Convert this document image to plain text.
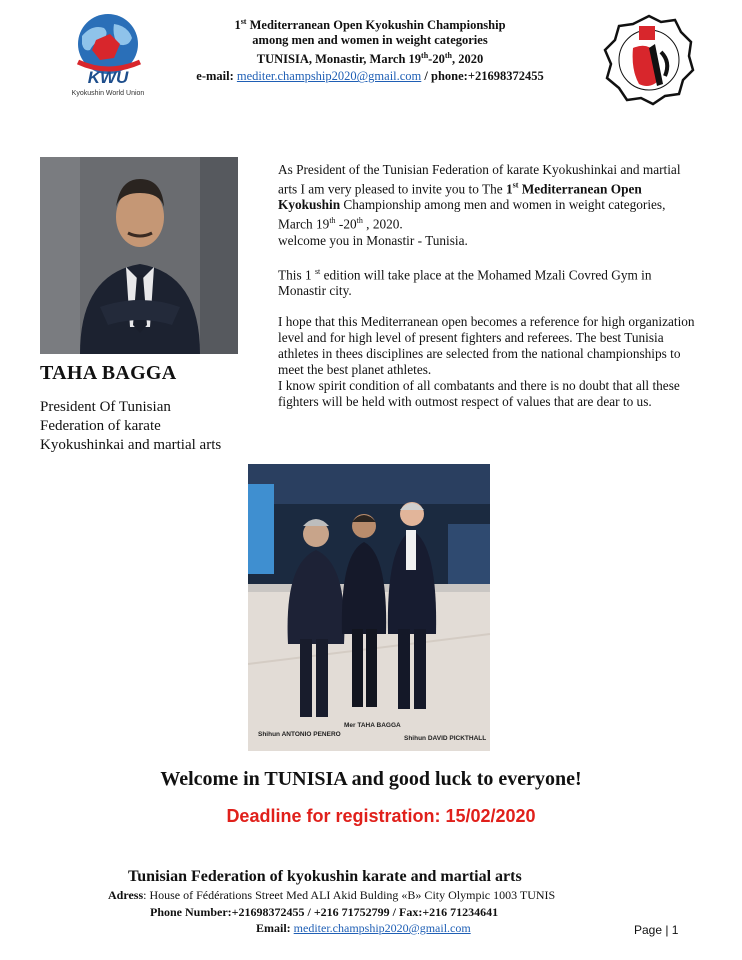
KWU
Kyokushin World Union
1st Mediterranean Open Kyokushin Championship
among men and women in weight categories
TUNISIA, Monastir, March 19th-20th, 2020
e-mail: mediter.champship2020@gmail.com / phone:+21698372455
TAHA BAGGA
President Of Tunisian
Federation of karate
Kyokushinkai and martial arts

As President of the Tunisian Federation of karate Kyokushinkai and martial arts I am very pleased to invite you to The 1st Mediterranean Open Kyokushin Championship among men and women in weight categories, March 19th -20th , 2020.
welcome you in Monastir - Tunisia.

This 1 $^{st}$ edition will take place at the Mohamed Mzali Covred Gym in Monastir city.

I hope that this Mediterranean open becomes a reference for high organization level and for high level of present fighters and referees. The best Tunisia athletes in thees disciplines are selected from the national championships to meet the best planet athletes.

I know spirit condition of all combatants and there is no doubt that all these fighters will be held with outmost respect of values that are dear to us.

Shihun ANTONIO PENERO
Mer TAHA BAGGA
Shihun DAVID PICKTHALL
Welcome in TUNISIA and good luck to everyone!
Deadline for registration: 15/02/2020
Tunisian Federation of kyokushin karate and martial arts
Adress: House of Fédérations Street Med ALI Akid Bulding «B» City Olympic 1003 TUNIS
Phone Number:+21698372455 / +216 71752799 / Fax:+216 71234641
Email: mediter.champship2020@gmail.com	Page | 1
